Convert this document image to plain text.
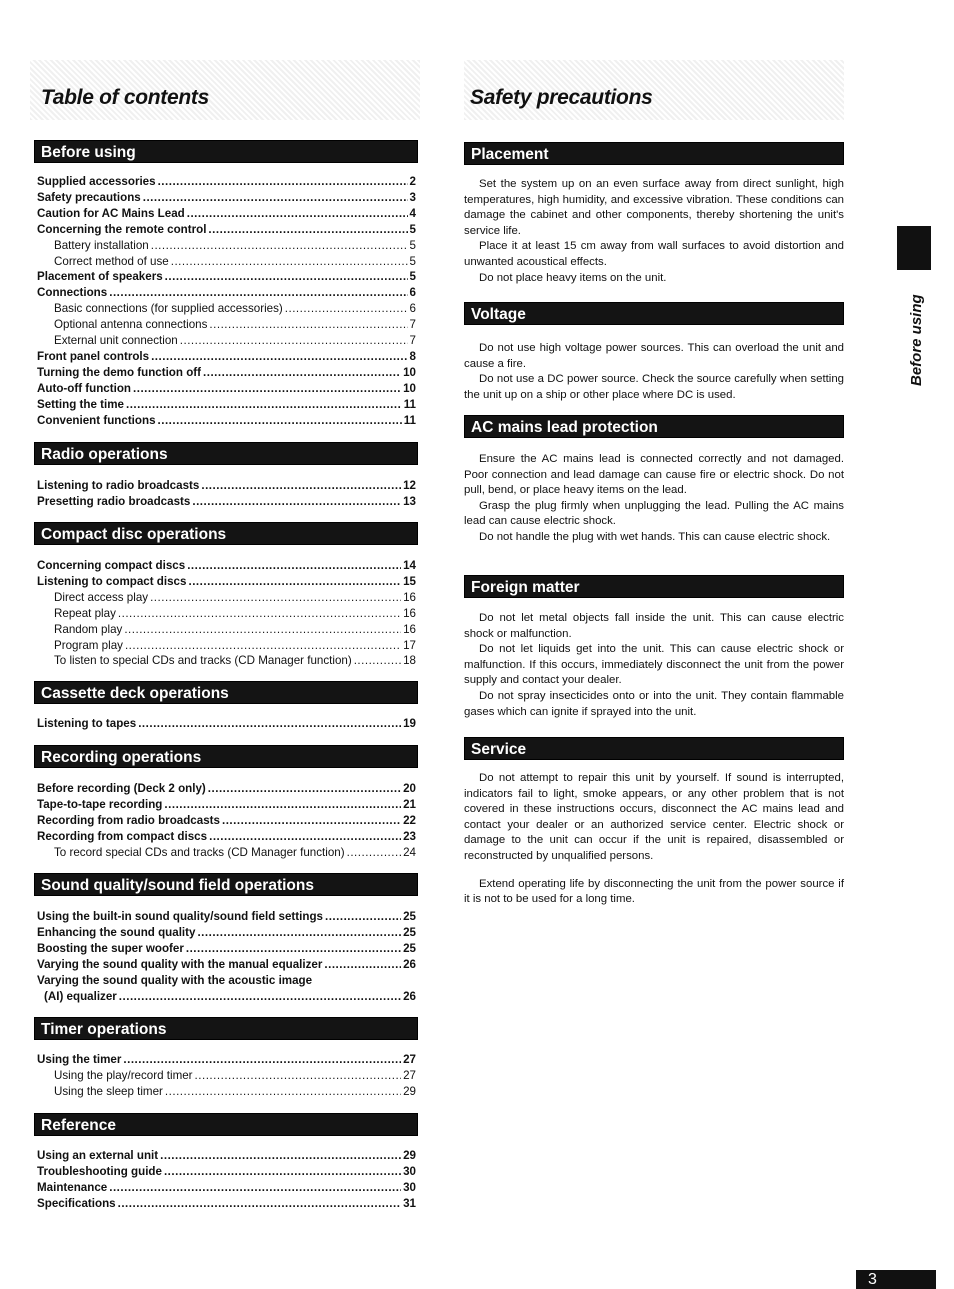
Table of contents	Safety precautions
Before using
Radio operations
Compact disc operations
Cassette deck operations
Recording operations
Sound quality/sound field operations
Timer operations
Reference
Supplied accessories .....	2
Safety precautions .....	3
Caution for AC Mains Lead .....	4
Concerning the remote control .....	5
Battery installation .....	5
Correct method of use .....	5
Placement of speakers .....	5
Connections .....	6
Basic connections (for supplied accessories) .....	6
Optional antenna connections .....	7
External unit connection .....	7
Front panel controls .....	8
Turning the demo function off .....	10
Auto-off function .....	10
Setting the time .....	11
Convenient functions .....	11
Listening to radio broadcasts .....	12
Presetting radio broadcasts .....	13
Concerning compact discs .....	14
Listening to compact discs .....	15
Direct access play .....	16
Repeat play .....	16
Random play .....	16
Program play .....	17
To listen to special CDs and tracks (CD Manager function) .....	18
Listening to tapes .....	19
Before recording (Deck 2 only) .....	20
Tape-to-tape recording .....	21
Recording from radio broadcasts .....	22
Recording from compact discs .....	23
To record special CDs and tracks (CD Manager function) .....	24
Using the built-in sound quality/sound field settings .....	25
Enhancing the sound quality .....	25
Boosting the super woofer .....	25
Varying the sound quality with the manual equalizer .....	26
Varying the sound quality with the acoustic image
(AI) equalizer .....	26
Using the timer .....	27
Using the play/record timer .....	27
Using the sleep timer .....	29
Using an external unit .....	29
Troubleshooting guide .....	30
Maintenance .....	30
Specifications .....	31
Placement
Voltage
AC mains lead protection
Foreign matter
Service

Set the system up on an even surface away from direct sunlight, high temperatures, high humidity, and excessive vibration. These conditions can damage the cabinet and other components, thereby shortening the unit's service life.

Place it at least 15 cm away from wall surfaces to avoid distortion and unwanted acoustical effects.

Do not place heavy items on the unit.

Do not use high voltage power sources. This can overload the unit and cause a fire.

Do not use a DC power source. Check the source carefully when setting the unit up on a ship or other place where DC is used.

Ensure the AC mains lead is connected correctly and not damaged. Poor connection and lead damage can cause fire or electric shock. Do not pull, bend, or place heavy items on the lead.

Grasp the plug firmly when unplugging the lead. Pulling the AC mains lead can cause electric shock.

Do not handle the plug with wet hands. This can cause electric shock.

Do not let metal objects fall inside the unit. This can cause electric shock or malfunction.

Do not let liquids get into the unit. This can cause electric shock or malfunction. If this occurs, immediately disconnect the unit from the power supply and contact your dealer.

Do not spray insecticides onto or into the unit. They contain flammable gases which can ignite if sprayed into the unit.

Do not attempt to repair this unit by yourself. If sound is interrupted, indicators fail to light, smoke appears, or any other problem that is not covered in these instructions occurs, disconnect the AC mains lead and contact your dealer or an authorized service center. Electric shock or damage to the unit can occur if the unit is repaired, disassembled or reconstructed by unqualified persons.

Extend operating life by disconnecting the unit from the power source if it is not to be used for a long time.

Before using
3
